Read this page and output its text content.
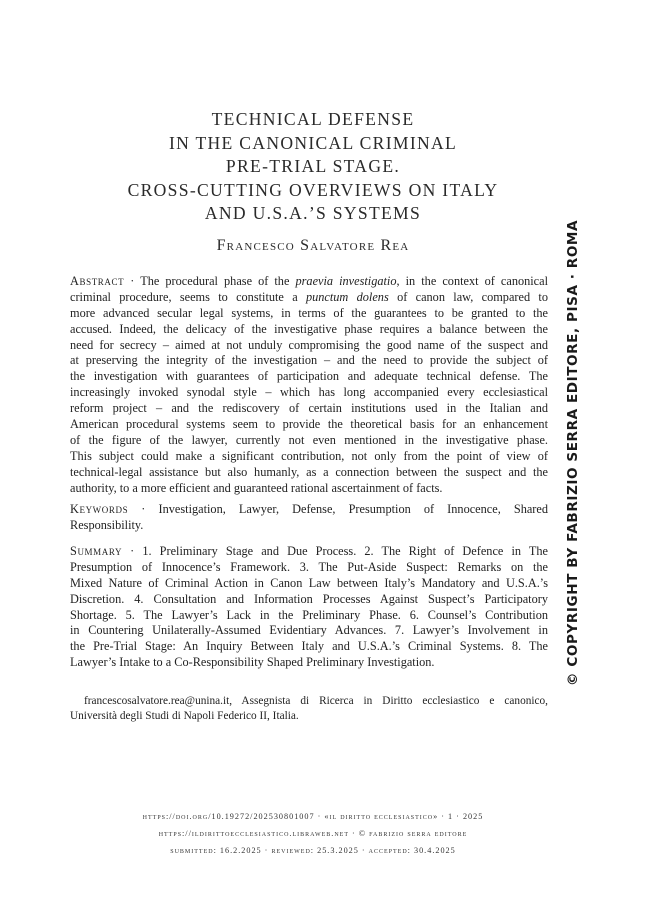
TECHNICAL DEFENSE
IN THE CANONICAL CRIMINAL
PRE-TRIAL STAGE.
CROSS-CUTTING OVERVIEWS ON ITALY
AND U.S.A.’S SYSTEMS
Francesco Salvatore Rea
Abstract · The procedural phase of the praevia investigatio, in the context of canonical
criminal procedure, seems to constitute a punctum dolens of canon law, compared to
more advanced secular legal systems, in terms of the guarantees to be granted to the
accused. Indeed, the delicacy of the investigative phase requires a balance between the
need for secrecy – aimed at not unduly compromising the good name of the suspect and
at preserving the integrity of the investigation – and the need to provide the subject of
the investigation with guarantees of participation and adequate technical defense. The
increasingly invoked synodal style – which has long accompanied every ecclesiastical
reform project – and the rediscovery of certain institutions used in the Italian and
American procedural systems seem to provide the theoretical basis for an enhancement
of the figure of the lawyer, currently not even mentioned in the investigative phase.
This subject could make a significant contribution, not only from the point of view of
technical-legal assistance but also humanly, as a connection between the suspect and the
authority, to a more efficient and guaranteed rational ascertainment of facts.
Keywords · Investigation, Lawyer, Defense, Presumption of Innocence, Shared
Responsibility.
Summary · 1. Preliminary Stage and Due Process. 2. The Right of Defence in The
Presumption of Innocence’s Framework. 3. The Put-Aside Suspect: Remarks on the
Mixed Nature of Criminal Action in Canon Law between Italy’s Mandatory and U.S.A.’s
Discretion. 4. Consultation and Information Processes Against Suspect’s Participatory
Shortage. 5. The Lawyer’s Lack in the Preliminary Phase. 6. Counsel’s Contribution
in Countering Unilaterally-Assumed Evidentiary Advances. 7. Lawyer’s Involvement in
the Pre-Trial Stage: An Inquiry Between Italy and U.S.A.’s Criminal Systems. 8. The
Lawyer’s Intake to a Co-Responsibility Shaped Preliminary Investigation.
francescosalvatore.rea@unina.it, Assegnista di Ricerca in Diritto ecclesiastico e canonico,
Università degli Studi di Napoli Federico II, Italia.
https://doi.org/10.19272/202530801007 · «il diritto ecclesiastico» · 1 · 2025
https://ildirittoecclesiastico.libraweb.net · © fabrizio serra editore
submitted: 16.2.2025 · reviewed: 25.3.2025 · accepted: 30.4.2025
© COPYRIGHT BY FABRIZIO SERRA EDITORE, PISA · ROMA
